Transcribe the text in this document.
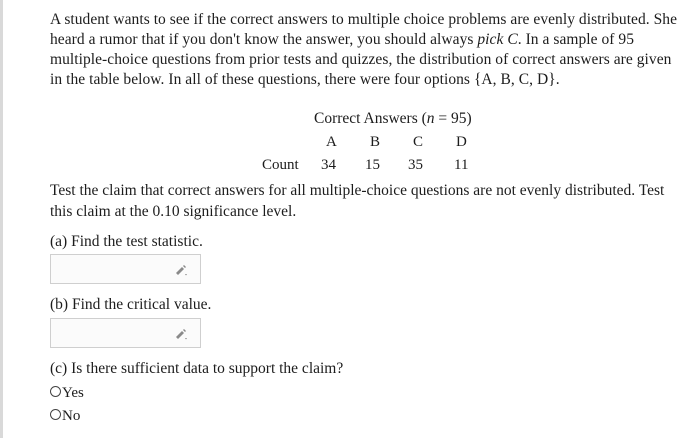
A student wants to see if the correct answers to multiple choice problems are evenly distributed. She
heard a rumor that if you don't know the answer, you should always pick C. In a sample of 95
multiple-choice questions from prior tests and quizzes, the distribution of correct answers are given
in the table below. In all of these questions, there were four options {A, B, C, D}.
Correct Answers (n = 95)
A B C D
Count 34 15 35 11
Test the claim that correct answers for all multiple-choice questions are not evenly distributed. Test
this claim at the 0.10 significance level.
(a) Find the test statistic.
(b) Find the critical value.
(c) Is there sufficient data to support the claim?
Yes
No
